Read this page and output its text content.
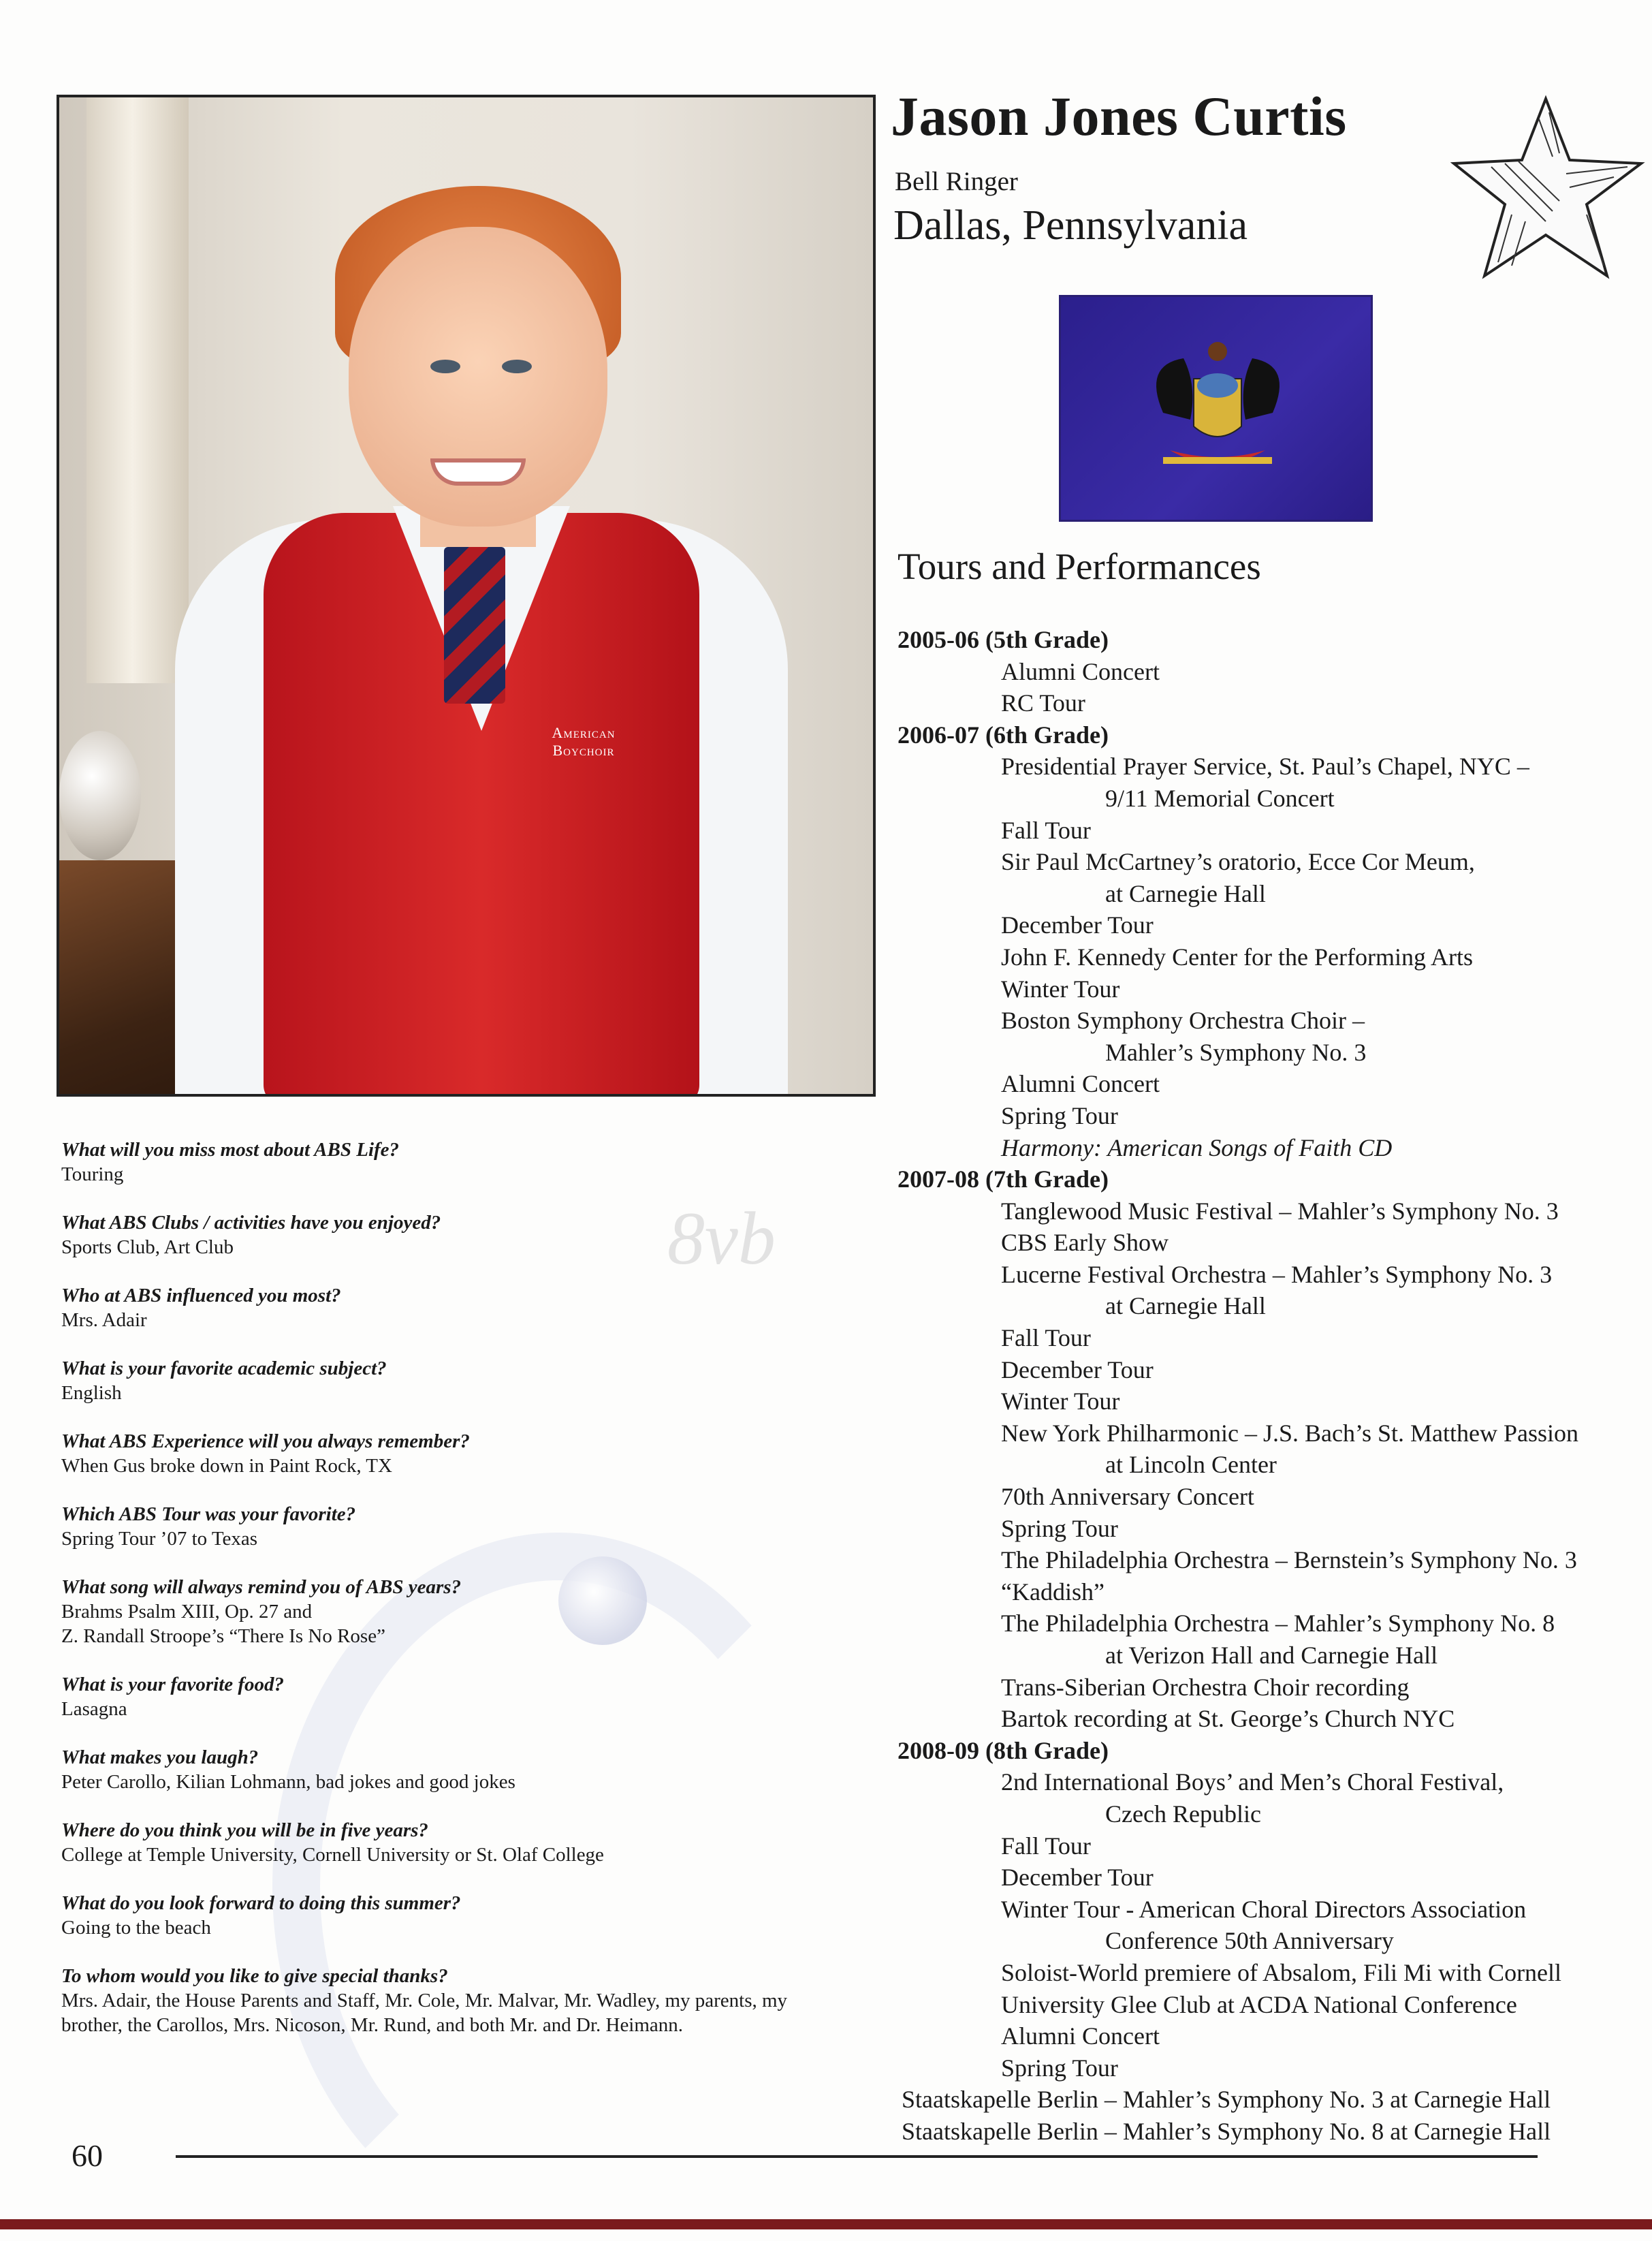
American
Boychoir
Jason Jones Curtis
Bell Ringer
Dallas, Pennsylvania
Tours and Performances
2005-06 (5th Grade)
Alumni Concert
RC Tour
2006-07 (6th Grade)
Presidential Prayer Service, St. Paul’s Chapel, NYC –
9/11 Memorial Concert
Fall Tour
Sir Paul McCartney’s oratorio, Ecce Cor Meum,
at Carnegie Hall
December Tour
John F. Kennedy Center for the Performing Arts
Winter Tour
Boston Symphony Orchestra Choir –
Mahler’s Symphony No. 3
Alumni Concert
Spring Tour
Harmony: American Songs of Faith CD
2007-08 (7th Grade)
Tanglewood Music Festival – Mahler’s Symphony No. 3
CBS Early Show
Lucerne Festival Orchestra – Mahler’s Symphony No. 3
at Carnegie Hall
Fall Tour
December Tour
Winter Tour
New York Philharmonic – J.S. Bach’s St. Matthew Passion
at Lincoln Center
70th Anniversary Concert
Spring Tour
The Philadelphia Orchestra – Bernstein’s Symphony No. 3
“Kaddish”
The Philadelphia Orchestra – Mahler’s Symphony No. 8
at Verizon Hall and Carnegie Hall
Trans-Siberian Orchestra Choir recording
Bartok recording at St. George’s Church NYC
2008-09 (8th Grade)
2nd International Boys’ and Men’s Choral Festival,
Czech Republic
Fall Tour
December Tour
Winter Tour - American Choral Directors Association
Conference 50th Anniversary
Soloist-World premiere of Absalom, Fili Mi with Cornell
University Glee Club at ACDA National Conference
Alumni Concert
Spring Tour
Staatskapelle Berlin – Mahler’s Symphony No. 3 at Carnegie Hall
Staatskapelle Berlin – Mahler’s Symphony No. 8 at Carnegie Hall
8vb
What will you miss most about ABS Life?
Touring
What ABS Clubs / activities have you enjoyed?
Sports Club, Art Club
Who at ABS influenced you most?
Mrs. Adair
What is your favorite academic subject?
English
What ABS Experience will you always remember?
When Gus broke down in Paint Rock, TX
Which ABS Tour was your favorite?
Spring Tour ’07 to Texas
What song will always remind you of ABS years?
Brahms Psalm XIII, Op. 27 and
Z. Randall Stroope’s “There Is No Rose”
What is your favorite food?
Lasagna
What makes you laugh?
Peter Carollo, Kilian Lohmann, bad jokes and good jokes
Where do you think you will be in five years?
College at Temple University, Cornell University or St. Olaf College
What do you look forward to doing this summer?
Going to the beach
To whom would you like to give special thanks?
Mrs. Adair, the House Parents and Staff, Mr. Cole, Mr. Malvar, Mr. Wadley, my parents, my
brother, the Carollos, Mrs. Nicoson, Mr. Rund, and both Mr. and Dr. Heimann.
60
